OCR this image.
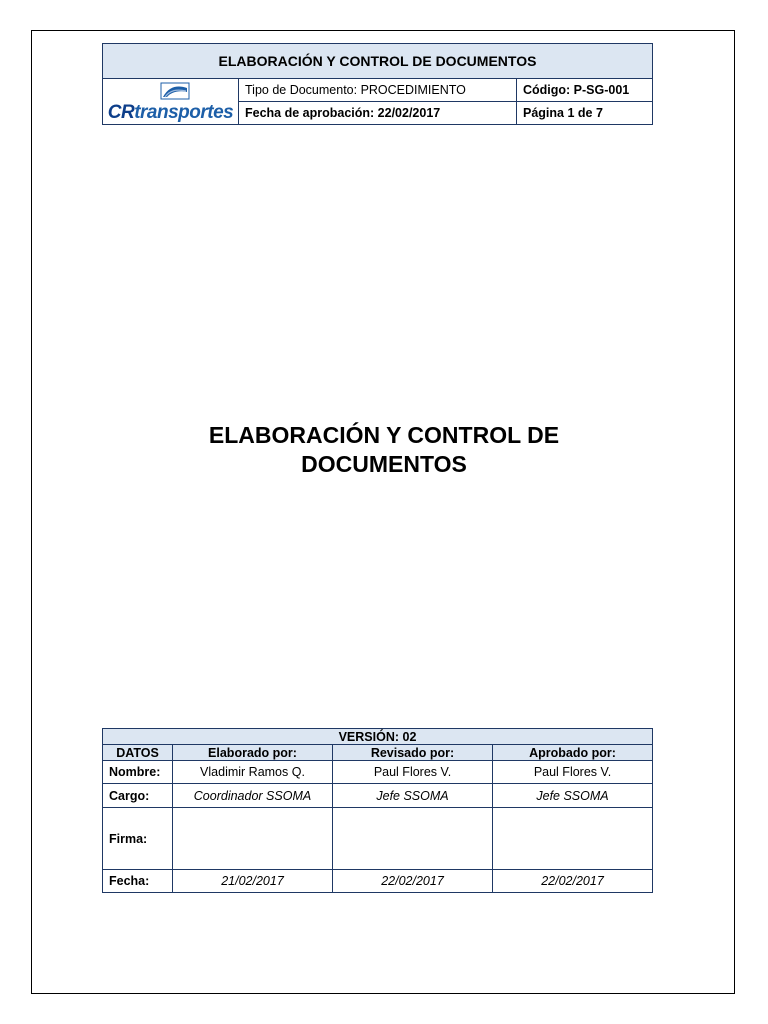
ELABORACIÓN Y CONTROL DE DOCUMENTOS		

CRtransportes	Tipo de Documento: PROCEDIMIENTO	Código: P-SG-001
	Fecha de aprobación: 22/02/2017	Página 1 de 7
ELABORACIÓN Y CONTROL DE
DOCUMENTOS
VERSIÓN: 02			
DATOS	Elaborado por:	Revisado por:	Aprobado por:
Nombre:	Vladimir Ramos Q.	Paul Flores V.	Paul Flores V.
Cargo:	Coordinador SSOMA	Jefe SSOMA	Jefe SSOMA
Firma:			
Fecha:	21/02/2017	22/02/2017	22/02/2017
